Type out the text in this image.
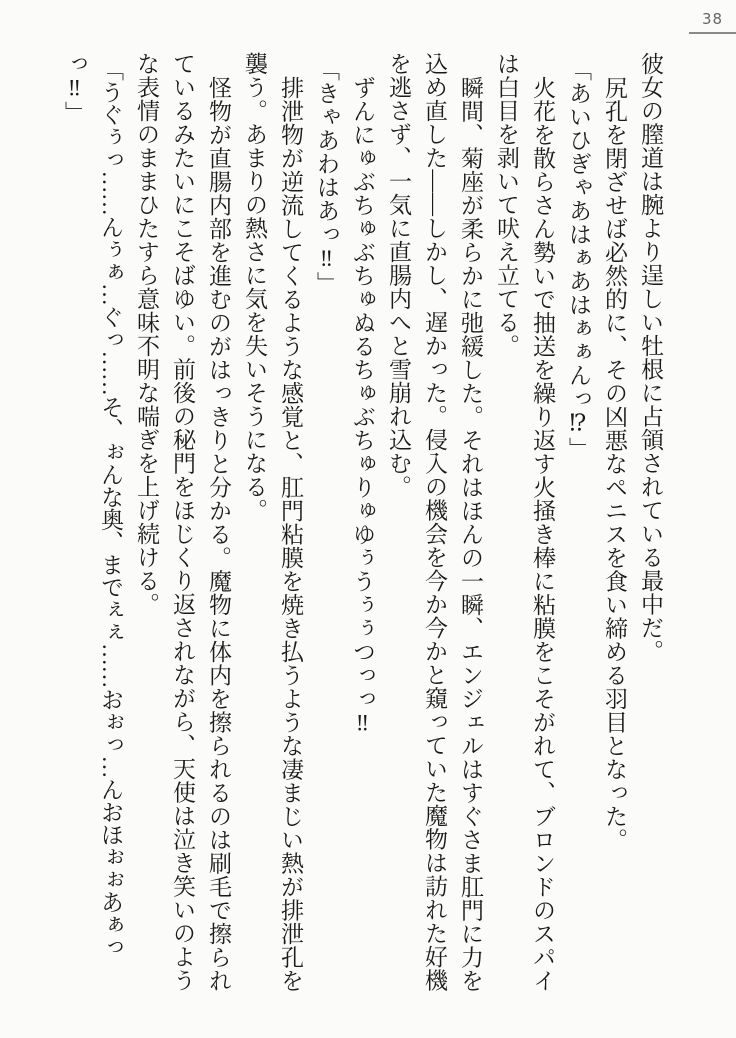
38

彼女の膣道は腕より逞しい牡根に占領されている最中だ。

尻孔を閉ざせば必然的に、その凶悪なペニスを食い締める羽目となった。

「あいひぎゃあはぁあはぁぁんっ⁉」

火花を散らさん勢いで抽送を繰り返す火掻き棒に粘膜をこそがれて、ブロンドのスパイ

は白目を剥いて吠え立てる。

瞬間、菊座が柔らかに弛緩した。それはほんの一瞬、エンジェルはすぐさま肛門に力を

込め直した――しかし、遅かった。侵入の機会を今か今かと窺っていた魔物は訪れた好機

を逃さず、一気に直腸内へと雪崩れ込む。

ずんにゅぶちゅぶちゅぬるちゅぶちゅりゅゆぅうぅぅつっっ‼

「きゃあわはあっ‼」

排泄物が逆流してくるような感覚と、肛門粘膜を焼き払うような凄まじい熱が排泄孔を

襲う。あまりの熱さに気を失いそうになる。

怪物が直腸内部を進むのがはっきりと分かる。魔物に体内を擦られるのは刷毛で擦られ

ているみたいにこそばゆい。前後の秘門をほじくり返されながら、天使は泣き笑いのよう

な表情のままひたすら意味不明な喘ぎを上げ続ける。

「うぐぅっ……んぅぁ…ぐっ……そ、ぉんな奥、までぇぇ……おぉっ…んおほぉぉあぁっ

っ‼」
